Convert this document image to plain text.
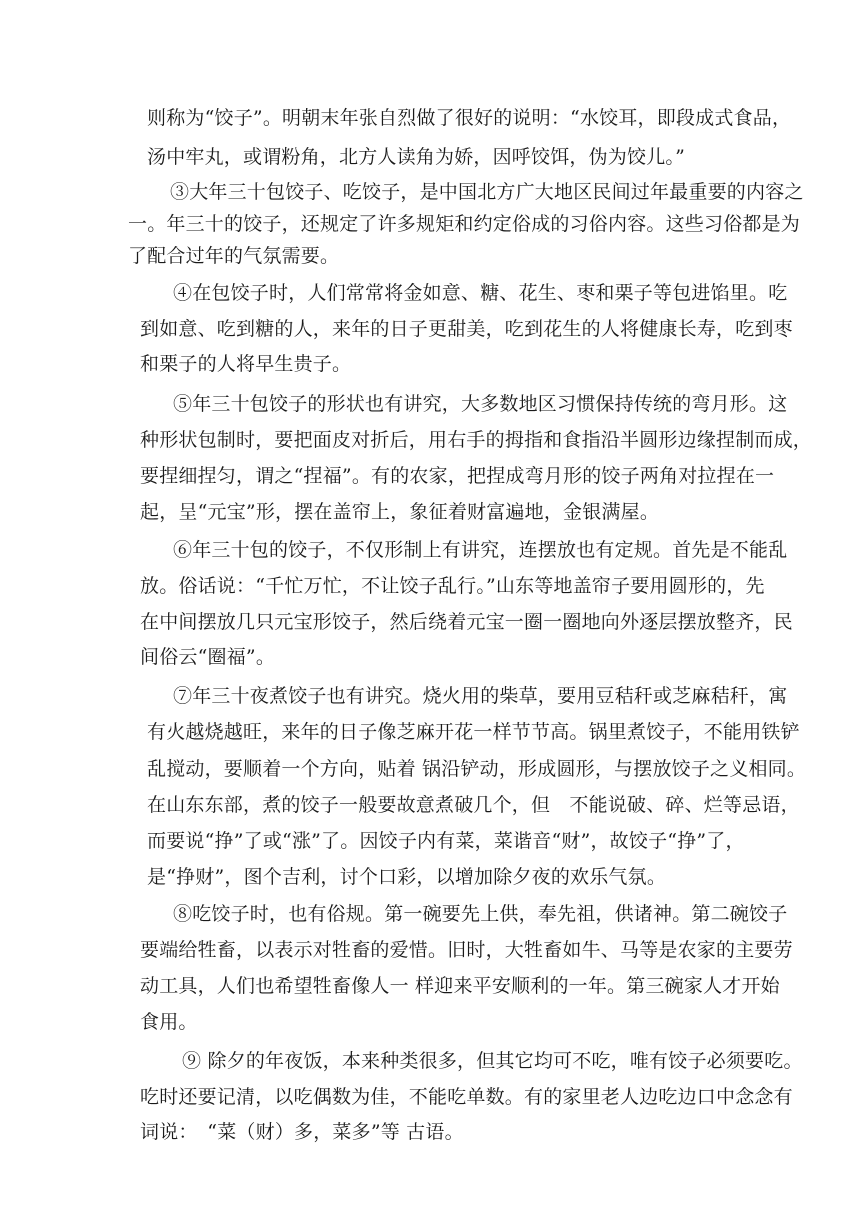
则称为“饺子”。明朝末年张自烈做了很好的说明：“水饺耳，即段成式食品，
汤中牢丸，或谓粉角，北方人读角为娇，因呼饺饵，伪为饺儿。”
③大年三十包饺子、吃饺子，是中国北方广大地区民间过年最重要的内容之
一。年三十的饺子，还规定了许多规矩和约定俗成的习俗内容。这些习俗都是为
了配合过年的气氛需要。
④在包饺子时，人们常常将金如意、糖、花生、枣和栗子等包进馅里。吃
到如意、吃到糖的人，来年的日子更甜美，吃到花生的人将健康长寿，吃到枣
和栗子的人将早生贵子。
⑤年三十包饺子的形状也有讲究，大多数地区习惯保持传统的弯月形。这
种形状包制时，要把面皮对折后，用右手的拇指和食指沿半圆形边缘捏制而成，
要捏细捏匀，谓之“捏福”。有的农家，把捏成弯月形的饺子两角对拉捏在一
起，呈“元宝”形，摆在盖帘上，象征着财富遍地，金银满屋。
⑥年三十包的饺子，不仅形制上有讲究，连摆放也有定规。首先是不能乱
放。俗话说：“千忙万忙，不让饺子乱行。”山东等地盖帘子要用圆形的，先
在中间摆放几只元宝形饺子，然后绕着元宝一圈一圈地向外逐层摆放整齐，民
间俗云“圈福”。
⑦年三十夜煮饺子也有讲究。烧火用的柴草，要用豆秸秆或芝麻秸秆，寓
有火越烧越旺，来年的日子像芝麻开花一样节节高。锅里煮饺子，不能用铁铲
乱搅动，要顺着一个方向，贴着 锅沿铲动，形成圆形，与摆放饺子之义相同。
在山东东部，煮的饺子一般要故意煮破几个，但　不能说破、碎、烂等忌语，
而要说“挣”了或“涨”了。因饺子内有菜，菜谐音“财”，故饺子“挣”了，
是“挣财”，图个吉利，讨个口彩，以增加除夕夜的欢乐气氛。
⑧吃饺子时，也有俗规。第一碗要先上供，奉先祖，供诸神。第二碗饺子
要端给牲畜，以表示对牲畜的爱惜。旧时，大牲畜如牛、马等是农家的主要劳
动工具，人们也希望牲畜像人一 样迎来平安顺利的一年。第三碗家人才开始
食用。
⑨ 除夕的年夜饭，本来种类很多，但其它均可不吃，唯有饺子必须要吃。
吃时还要记清，以吃偶数为佳，不能吃单数。有的家里老人边吃边口中念念有
词说：　“菜（财）多，菜多”等 古语。
